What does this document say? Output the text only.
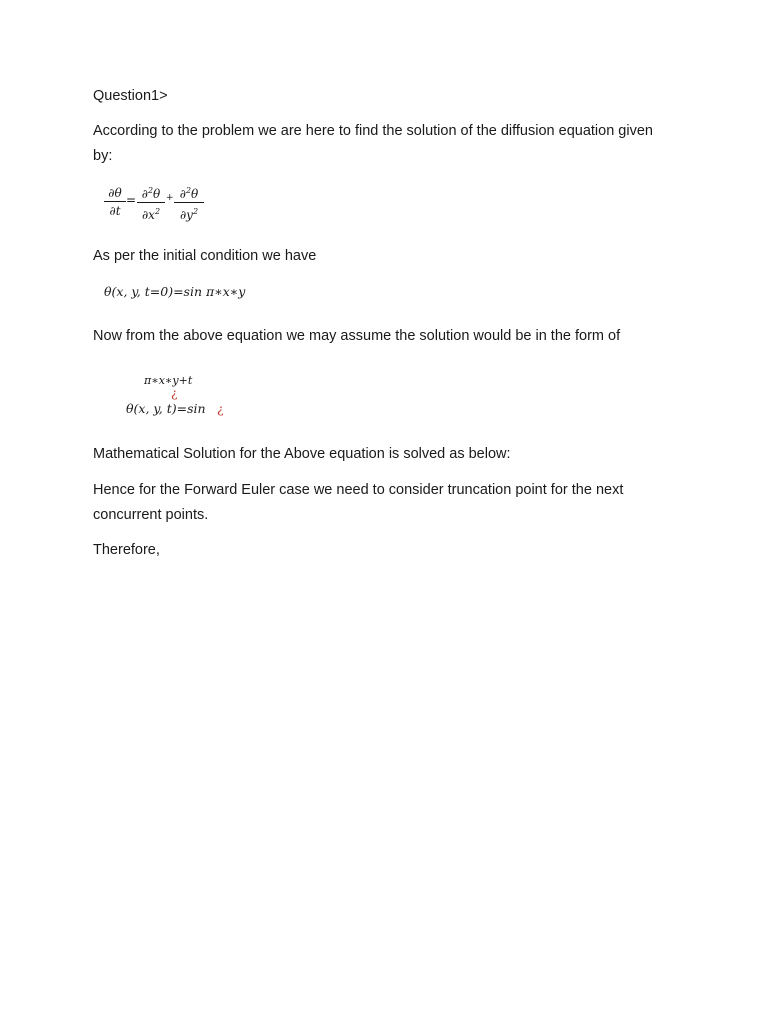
Question1>

According to the problem we are here to find the solution of the diffusion equation given by:

∂θ
∂t
= ∂$^2$θ
$\partial x^2$
+ ∂$^2$θ
$\partial y^2$

As per the initial condition we have

θ(x, y, t=0)=sin π∗x∗y

Now from the above equation we may assume the solution would be in the form of

π∗x∗y+t
¿
θ(x, y, t)=sin ¿

Mathematical Solution for the Above equation is solved as below:

Hence for the Forward Euler case we need to consider truncation point for the next concurrent points.

Therefore,
